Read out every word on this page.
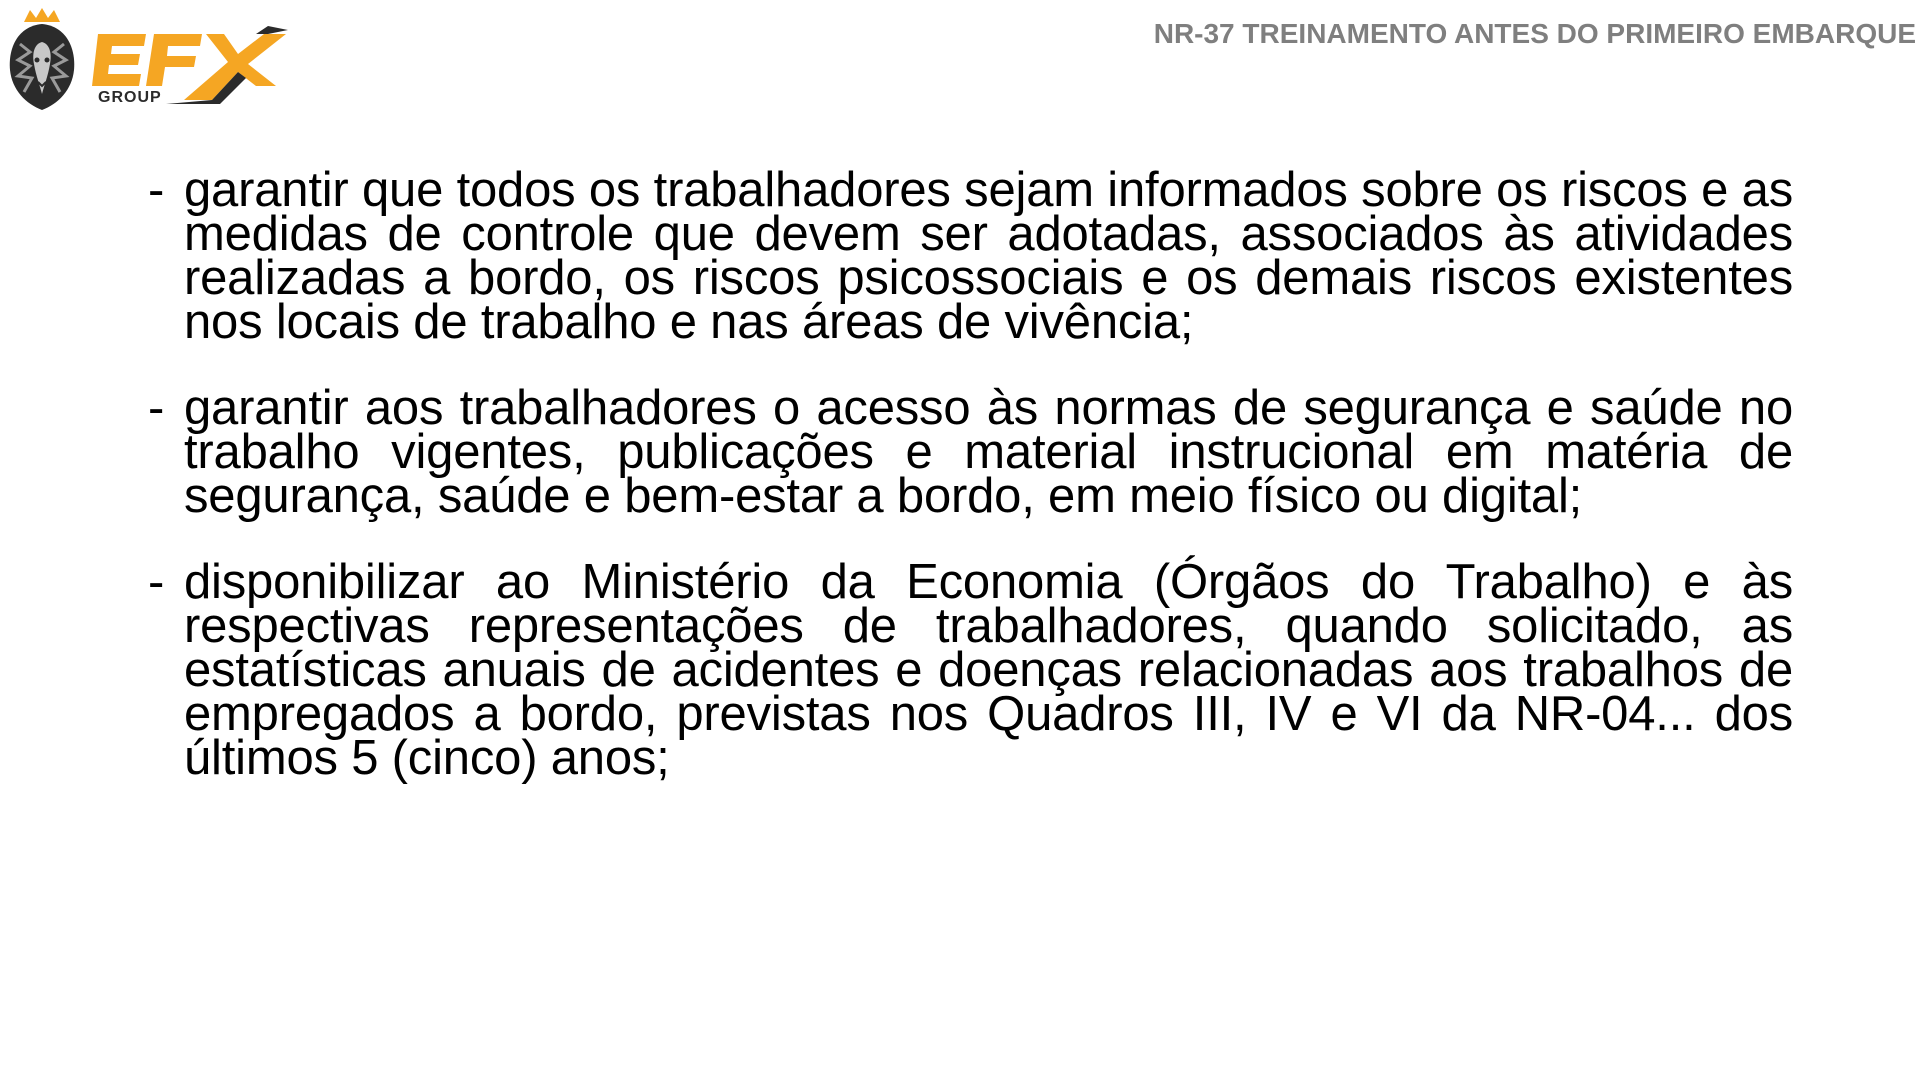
GROUP
NR-37 TREINAMENTO ANTES DO PRIMEIRO EMBARQUE
- garantir que todos os trabalhadores sejam informados sobre os riscos e as medidas de controle que devem ser adotadas, associados às atividades realizadas a bordo, os riscos psicossociais e os demais riscos existentes nos locais de trabalho e nas áreas de vivência;

- garantir aos trabalhadores o acesso às normas de segurança e saúde no trabalho vigentes, publicações e material instrucional em matéria de segurança, saúde e bem-estar a bordo, em meio físico ou digital;

- disponibilizar ao Ministério da Economia (Órgãos do Trabalho) e às respectivas representações de trabalhadores, quando solicitado, as estatísticas anuais de acidentes e doenças relacionadas aos trabalhos de empregados a bordo, previstas nos Quadros III, IV e VI da NR-04... dos últimos 5 (cinco) anos;
